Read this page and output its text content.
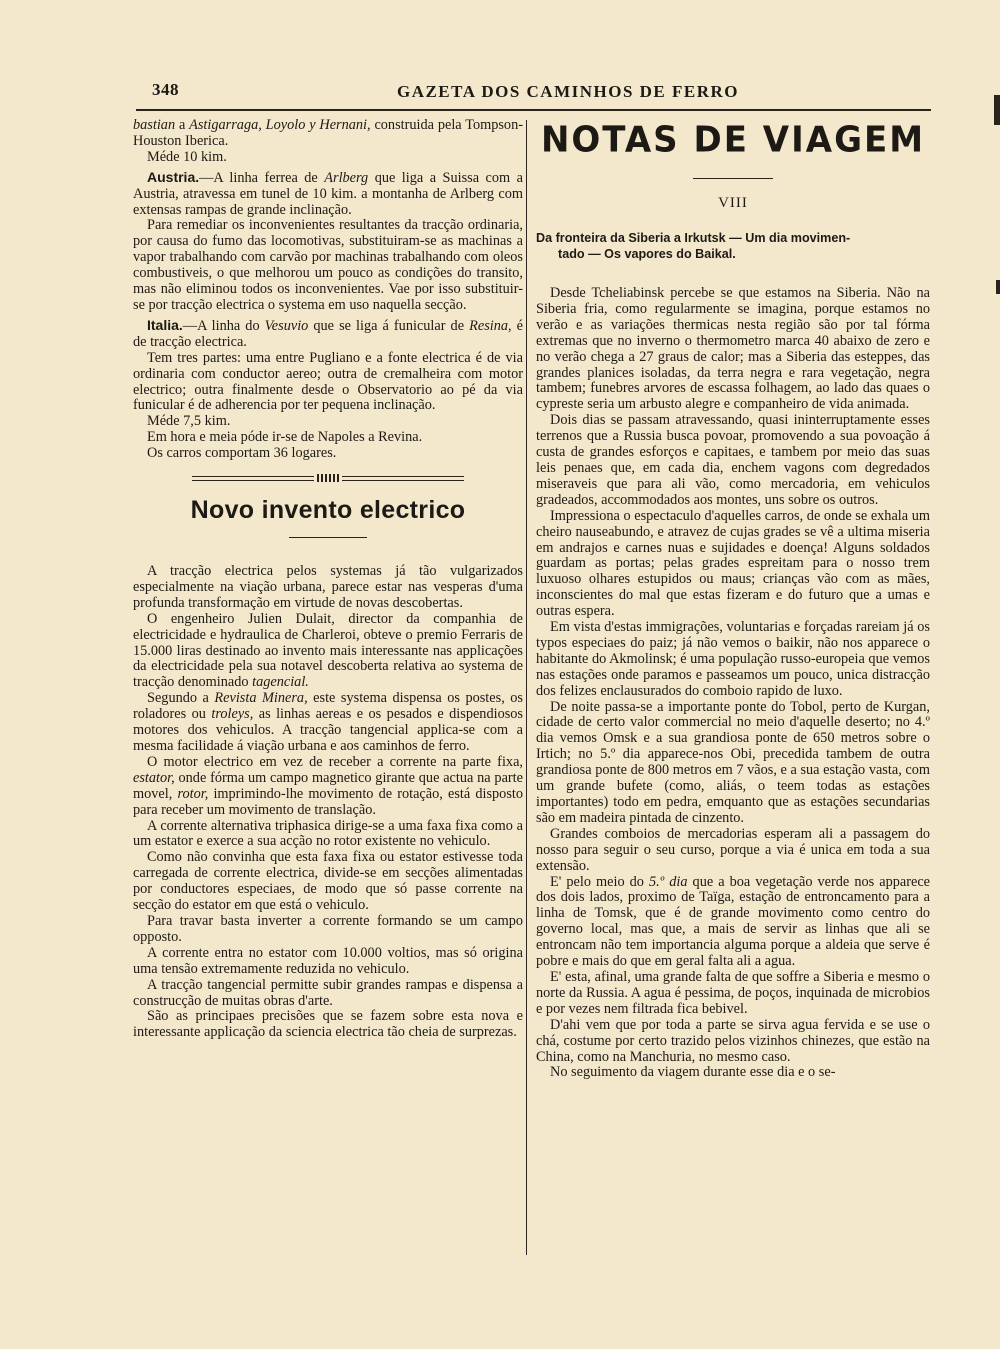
348	GAZETA DOS CAMINHOS DE FERRO

bastian a Astigarraga, Loyolo y Hernani, construida pela Tompson-Houston Iberica.

Méde 10 kim.

Austria.—A linha ferrea de Arlberg que liga a Suissa com a Austria, atravessa em tunel de 10 kim. a montanha de Arlberg com extensas rampas de grande inclinação.

Para remediar os inconvenientes resultantes da tracção ordinaria, por causa do fumo das locomotivas, substituiram-se as machinas a vapor trabalhando com carvão por machinas trabalhando com oleos combustiveis, o que melhorou um pouco as condições do transito, mas não eliminou todos os inconvenientes. Vae por isso substituir-se por tracção electrica o systema em uso naquella secção.

Italia.—A linha do Vesuvio que se liga á funicular de Resina, é de tracção electrica.

Tem tres partes: uma entre Pugliano e a fonte electrica é de via ordinaria com conductor aereo; outra de cremalheira com motor electrico; outra finalmente desde o Observatorio ao pé da via funicular é de adherencia por ter pequena inclinação.

Méde 7,5 kim.

Em hora e meia póde ir-se de Napoles a Revina.

Os carros comportam 36 logares.

Novo invento electrico

A tracção electrica pelos systemas já tão vulgarizados especialmente na viação urbana, parece estar nas vesperas d'uma profunda transformação em virtude de novas descobertas.

O engenheiro Julien Dulait, director da companhia de electricidade e hydraulica de Charleroi, obteve o premio Ferraris de 15.000 liras destinado ao invento mais interessante nas applicações da electricidade pela sua notavel descoberta relativa ao systema de tracção denominado tagencial.

Segundo a Revista Minera, este systema dispensa os postes, os roladores ou troleys, as linhas aereas e os pesados e dispendiosos motores dos vehiculos. A tracção tangencial applica-se com a mesma facilidade á viação urbana e aos caminhos de ferro.

O motor electrico em vez de receber a corrente na parte fixa, estator, onde fórma um campo magnetico girante que actua na parte movel, rotor, imprimindo-lhe movimento de rotação, está disposto para receber um movimento de translação.

A corrente alternativa triphasica dirige-se a uma faxa fixa como a um estator e exerce a sua acção no rotor existente no vehiculo.

Como não convinha que esta faxa fixa ou estator estivesse toda carregada de corrente electrica, divide-se em secções alimentadas por conductores especiaes, de modo que só passe corrente na secção do estator em que está o vehiculo.

Para travar basta inverter a corrente formando se um campo opposto.

A corrente entra no estator com 10.000 voltios, mas só origina uma tensão extremamente reduzida no vehiculo.

A tracção tangencial permitte subir grandes rampas e dispensa a construcção de muitas obras d'arte.

São as principaes precisões que se fazem sobre esta nova e interessante applicação da sciencia electrica tão cheia de surprezas.

NOTAS DE VIAGEM
VIII
Da fronteira da Siberia a Irkutsk — Um dia movimen-
tado — Os vapores do Baikal.

Desde Tcheliabinsk percebe se que estamos na Siberia. Não na Siberia fria, como regularmente se imagina, porque estamos no verão e as variações thermicas nesta região são por tal fórma extremas que no inverno o thermometro marca 40 abaixo de zero e no verão chega a 27 graus de calor; mas a Siberia das esteppes, das grandes planices isoladas, da terra negra e rara vegetação, negra tambem; funebres arvores de escassa folhagem, ao lado das quaes o cypreste seria um arbusto alegre e companheiro de vida animada.

Dois dias se passam atravessando, quasi ininterruptamente esses terrenos que a Russia busca povoar, promovendo a sua povoação á custa de grandes esforços e capitaes, e tambem por meio das suas leis penaes que, em cada dia, enchem vagons com degredados miseraveis que para ali vão, como mercadoria, em vehiculos gradeados, accommodados aos montes, uns sobre os outros.

Impressiona o espectaculo d'aquelles carros, de onde se exhala um cheiro nauseabundo, e atravez de cujas grades se vê a ultima miseria em andrajos e carnes nuas e sujidades e doença! Alguns soldados guardam as portas; pelas grades espreitam para o nosso trem luxuoso olhares estupidos ou maus; crianças vão com as mães, inconscientes do mal que estas fizeram e do futuro que a umas e outras espera.

Em vista d'estas immigrações, voluntarias e forçadas rareiam já os typos especiaes do paiz; já não vemos o baikir, não nos apparece o habitante do Akmolinsk; é uma população russo-europeia que vemos nas estações onde paramos e passeamos um pouco, unica distracção dos felizes enclausurados do comboio rapido de luxo.

De noite passa-se a importante ponte do Tobol, perto de Kurgan, cidade de certo valor commercial no meio d'aquelle deserto; no 4.º dia vemos Omsk e a sua grandiosa ponte de 650 metros sobre o Irtich; no 5.º dia apparece-nos Obi, precedida tambem de outra grandiosa ponte de 800 metros em 7 vãos, e a sua estação vasta, com um grande bufete (como, aliás, o teem todas as estações importantes) todo em pedra, emquanto que as estações secundarias são em madeira pintada de cinzento.

Grandes comboios de mercadorias esperam ali a passagem do nosso para seguir o seu curso, porque a via é unica em toda a sua extensão.

E' pelo meio do 5.º dia que a boa vegetação verde nos apparece dos dois lados, proximo de Taïga, estação de entroncamento para a linha de Tomsk, que é de grande movimento como centro do governo local, mas que, a mais de servir as linhas que ali se entroncam não tem importancia alguma porque a aldeia que serve é pobre e mais do que em geral falta ali a agua.

E' esta, afinal, uma grande falta de que soffre a Siberia e mesmo o norte da Russia. A agua é pessima, de poços, inquinada de microbios e por vezes nem filtrada fica bebivel.

D'ahi vem que por toda a parte se sirva agua fervida e se use o chá, costume por certo trazido pelos vizinhos chinezes, que estão na China, como na Manchuria, no mesmo caso.

No seguimento da viagem durante esse dia e o se-
